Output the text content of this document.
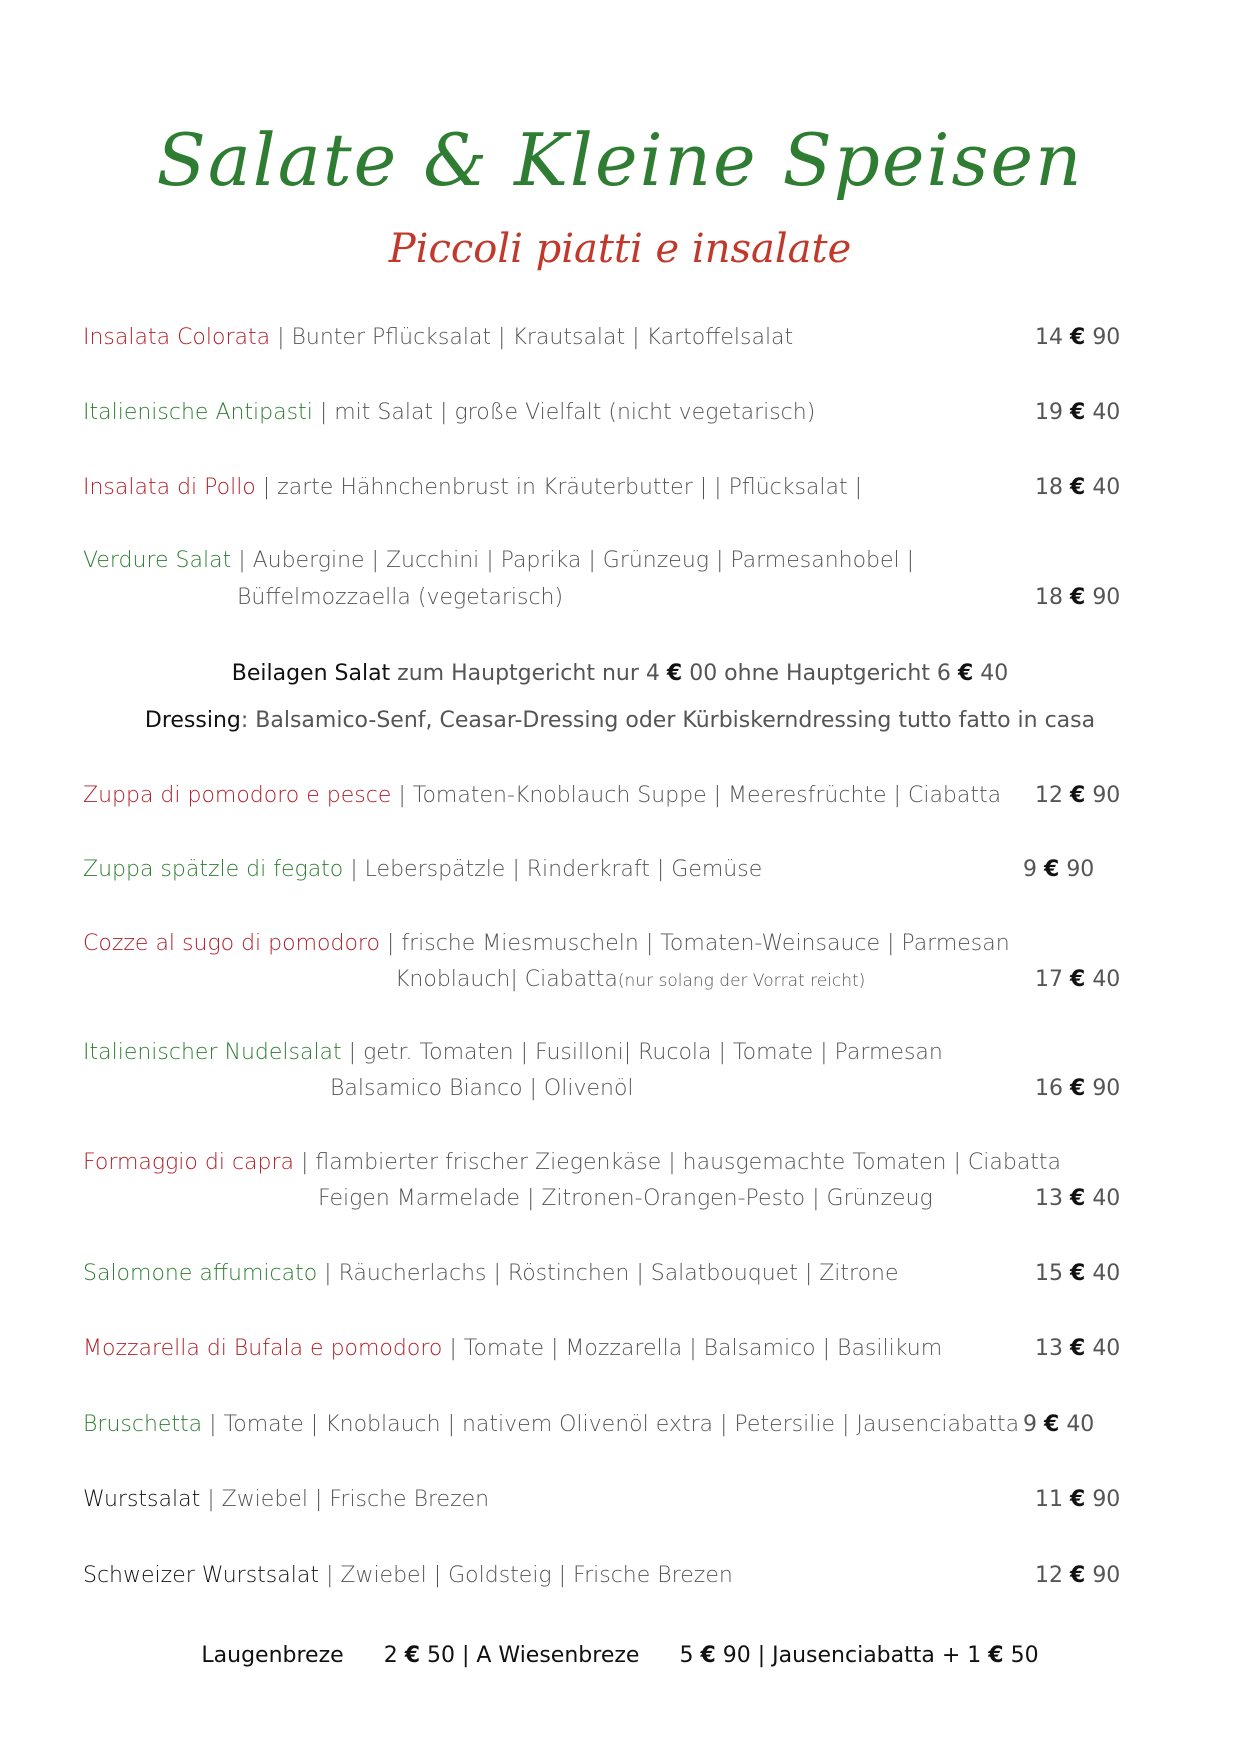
Salate & Kleine Speisen
Piccoli piatti e insalate
Insalata Colorata | Bunter Pflücksalat | Krautsalat | Kartoffelsalat	14 € 90
Italienische Antipasti | mit Salat | große Vielfalt (nicht vegetarisch)	19 € 40
Insalata di Pollo | zarte Hähnchenbrust in Kräuterbutter | | Pflücksalat |	18 € 40
Verdure Salat | Aubergine | Zucchini | Paprika | Grünzeug | Parmesanhobel |
Büffelmozzaella (vegetarisch)	18 € 90
Beilagen Salat zum Hauptgericht nur 4 € 00 ohne Hauptgericht 6 € 40
Dressing: Balsamico-Senf, Ceasar-Dressing oder Kürbiskerndressing tutto fatto in casa
Zuppa di pomodoro e pesce | Tomaten-Knoblauch Suppe | Meeresfrüchte | Ciabatta	12 € 90
Zuppa spätzle di fegato | Leberspätzle | Rinderkraft | Gemüse	9 € 90
Cozze al sugo di pomodoro | frische Miesmuscheln | Tomaten-Weinsauce | Parmesan
Knoblauch| Ciabatta(nur solang der Vorrat reicht)	17 € 40
Italienischer Nudelsalat | getr. Tomaten | Fusilloni| Rucola | Tomate | Parmesan
Balsamico Bianco | Olivenöl	16 € 90
Formaggio di capra | flambierter frischer Ziegenkäse | hausgemachte Tomaten | Ciabatta
Feigen Marmelade | Zitronen-Orangen-Pesto | Grünzeug	13 € 40
Salomone affumicato | Räucherlachs | Röstinchen | Salatbouquet | Zitrone	15 € 40
Mozzarella di Bufala e pomodoro | Tomate | Mozzarella | Balsamico | Basilikum	13 € 40
Bruschetta | Tomate | Knoblauch | nativem Olivenöl extra | Petersilie | Jausenciabatta 9 € 40
Wurstsalat | Zwiebel | Frische Brezen	11 € 90
Schweizer Wurstsalat | Zwiebel | Goldsteig | Frische Brezen	12 € 90
Laugenbreze 2 € 50 | A Wiesenbreze 5 € 90 | Jausenciabatta + 1 € 50
